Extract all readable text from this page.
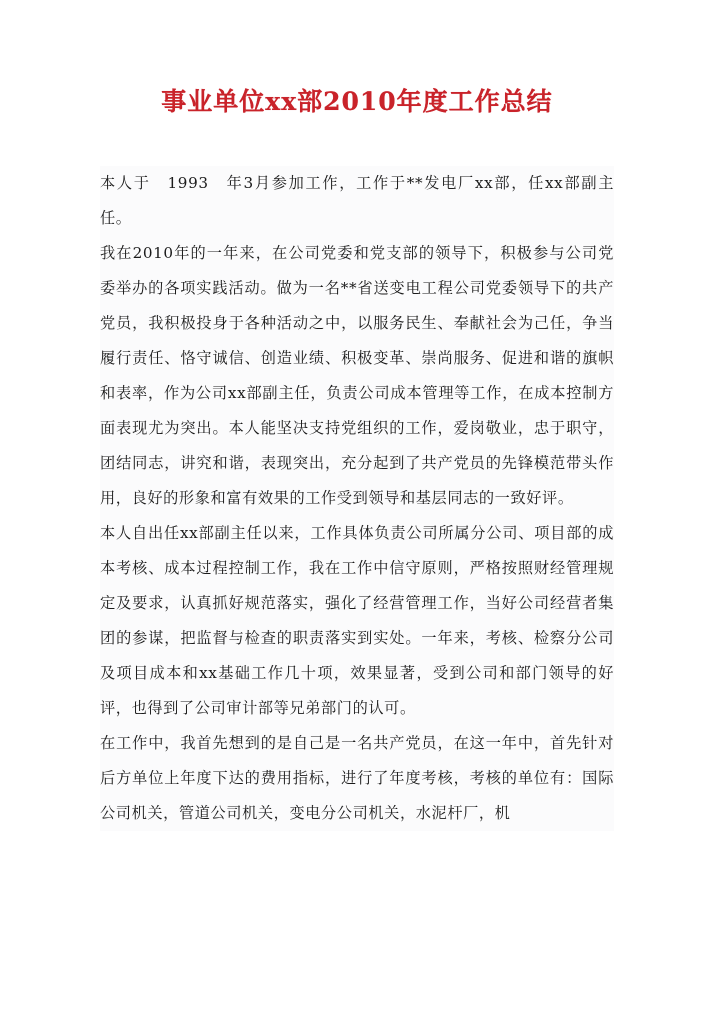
事业单位xx部2010年度工作总结

本人于　1993　年3月参加工作，工作于**发电厂xx部，任xx部副主任。

我在2010年的一年来，在公司党委和党支部的领导下，积极参与公司党委举办的各项实践活动。做为一名**省送变电工程公司党委领导下的共产党员，我积极投身于各种活动之中，以服务民生、奉献社会为己任，争当履行责任、恪守诚信、创造业绩、积极变革、崇尚服务、促进和谐的旗帜和表率，作为公司xx部副主任，负责公司成本管理等工作，在成本控制方面表现尤为突出。本人能坚决支持党组织的工作，爱岗敬业，忠于职守，团结同志，讲究和谐，表现突出，充分起到了共产党员的先锋模范带头作用，良好的形象和富有效果的工作受到领导和基层同志的一致好评。

本人自出任xx部副主任以来，工作具体负责公司所属分公司、项目部的成本考核、成本过程控制工作，我在工作中信守原则，严格按照财经管理规定及要求，认真抓好规范落实，强化了经营管理工作，当好公司经营者集团的参谋，把监督与检查的职责落实到实处。一年来，考核、检察分公司及项目成本和xx基础工作几十项，效果显著，受到公司和部门领导的好评，也得到了公司审计部等兄弟部门的认可。

在工作中，我首先想到的是自己是一名共产党员，在这一年中，首先针对后方单位上年度下达的费用指标，进行了年度考核，考核的单位有：国际公司机关，管道公司机关，变电分公司机关，水泥杆厂，机
